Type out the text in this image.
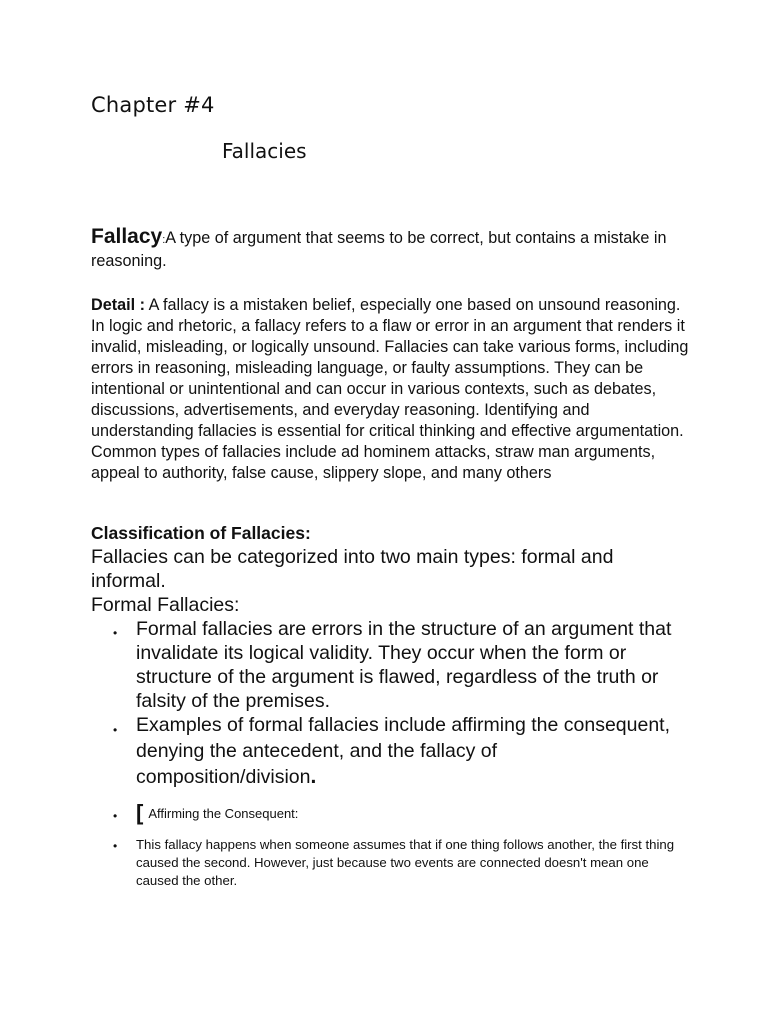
Chapter #4
Fallacies
Fallacy:A type of argument that seems to be correct, but contains a mistake in reasoning.
Detail : A fallacy is a mistaken belief, especially one based on unsound reasoning. In logic and rhetoric, a fallacy refers to a flaw or error in an argument that renders it invalid, misleading, or logically unsound. Fallacies can take various forms, including errors in reasoning, misleading language, or faulty assumptions. They can be intentional or unintentional and can occur in various contexts, such as debates, discussions, advertisements, and everyday reasoning. Identifying and understanding fallacies is essential for critical thinking and effective argumentation. Common types of fallacies include ad hominem attacks, straw man arguments, appeal to authority, false cause, slippery slope, and many others
Classification of Fallacies:
Fallacies can be categorized into two main types: formal and informal.
Formal Fallacies:
• Formal fallacies are errors in the structure of an argument that invalidate its logical validity. They occur when the form or structure of the argument is flawed, regardless of the truth or falsity of the premises.
• Examples of formal fallacies include affirming the consequent, denying the antecedent, and the fallacy of composition/division.
• [ Affirming the Consequent:
• This fallacy happens when someone assumes that if one thing follows another, the first thing caused the second. However, just because two events are connected doesn't mean one caused the other.
